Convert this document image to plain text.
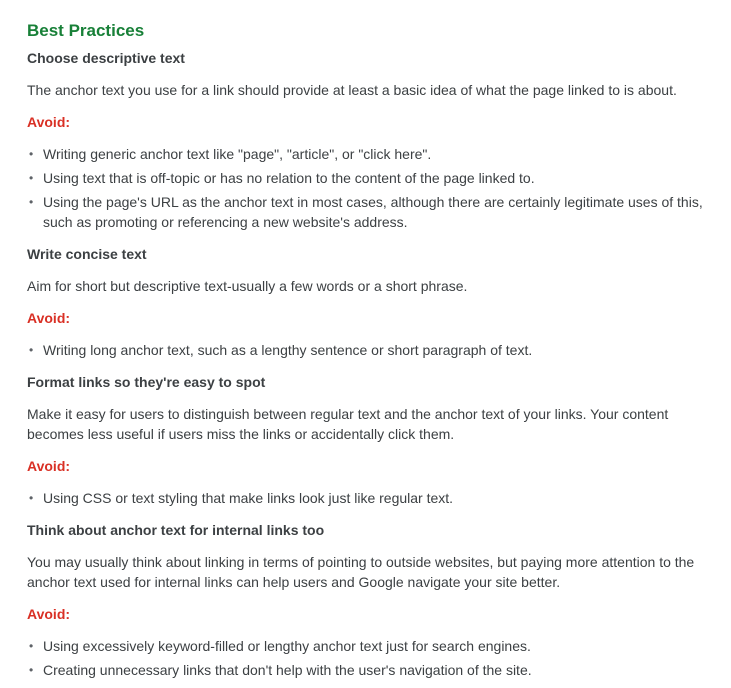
Best Practices
Choose descriptive text

The anchor text you use for a link should provide at least a basic idea of what the page linked to is about.

Avoid:
• Writing generic anchor text like "page", "article", or "click here".
• Using text that is off-topic or has no relation to the content of the page linked to.
• Using the page's URL as the anchor text in most cases, although there are certainly legitimate uses of this, such as promoting or referencing a new website's address.
Write concise text

Aim for short but descriptive text-usually a few words or a short phrase.

Avoid:
• Writing long anchor text, such as a lengthy sentence or short paragraph of text.
Format links so they're easy to spot

Make it easy for users to distinguish between regular text and the anchor text of your links. Your content becomes less useful if users miss the links or accidentally click them.

Avoid:
• Using CSS or text styling that make links look just like regular text.
Think about anchor text for internal links too

You may usually think about linking in terms of pointing to outside websites, but paying more attention to the anchor text used for internal links can help users and Google navigate your site better.

Avoid:
• Using excessively keyword-filled or lengthy anchor text just for search engines.
• Creating unnecessary links that don't help with the user's navigation of the site.
